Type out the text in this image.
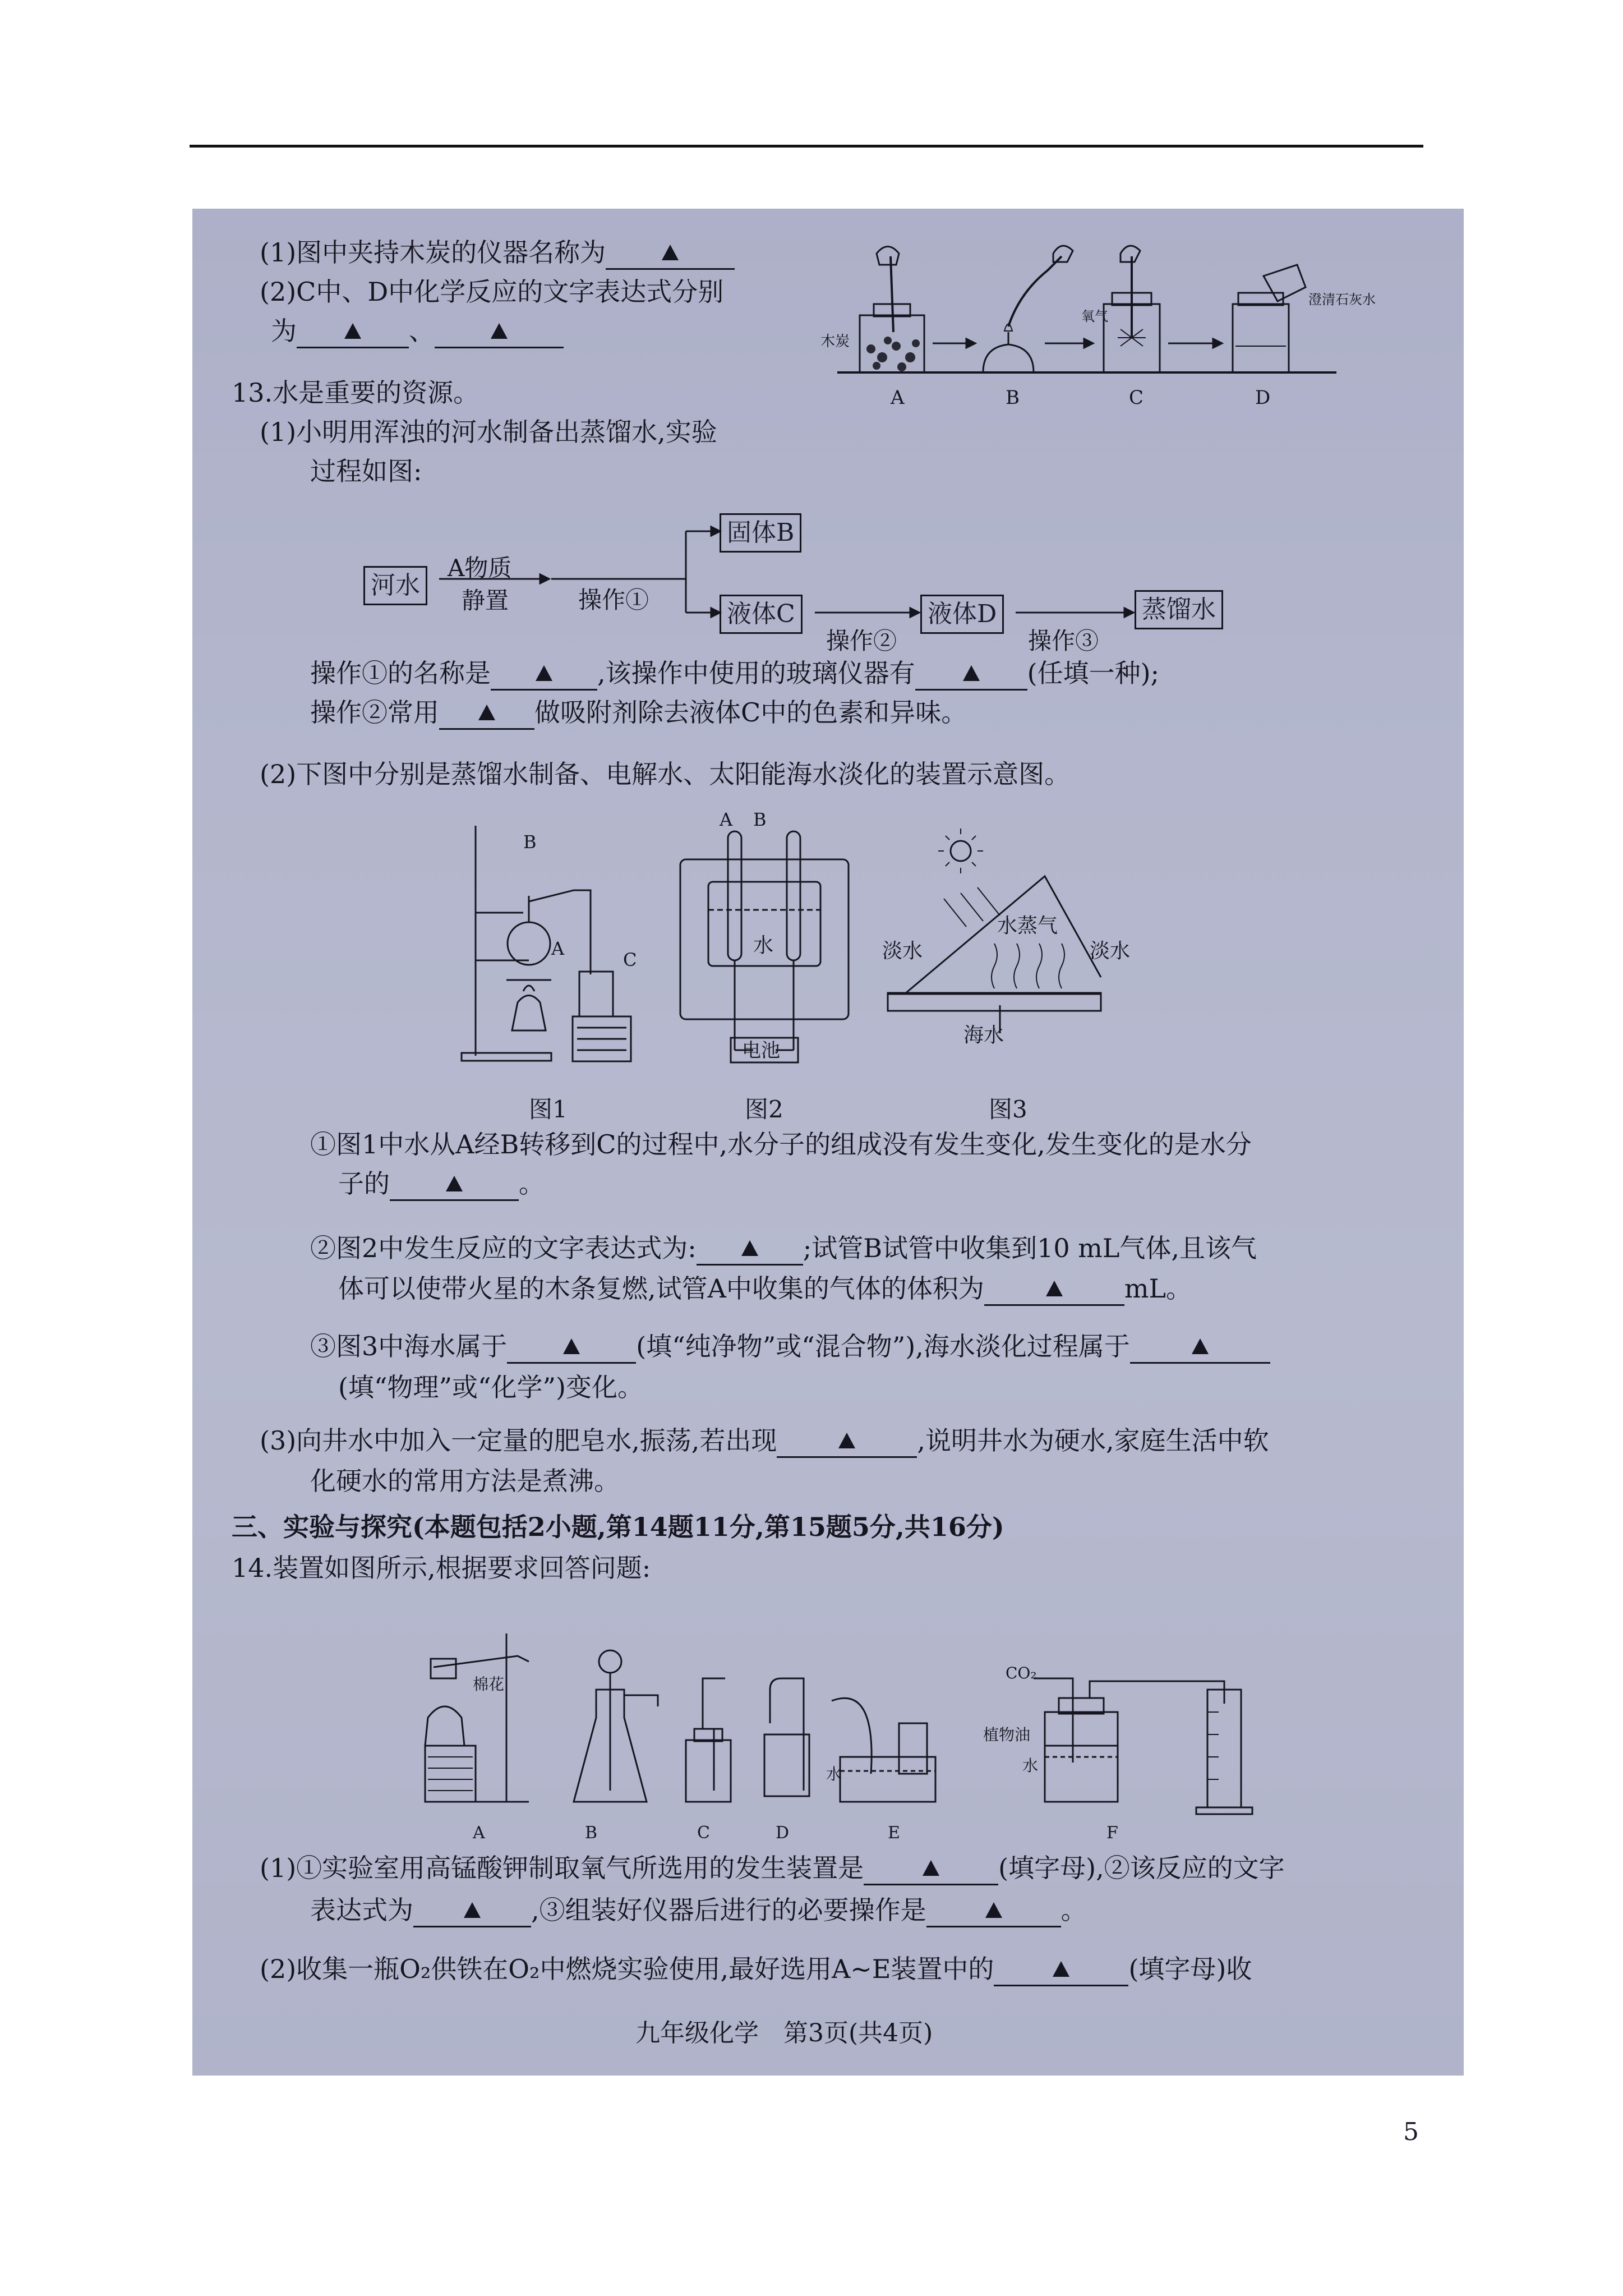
(1)图中夹持木炭的仪器名称为
(2)C中、D中化学反应的文字表达式分别
为	、	木炭
氧气
澄清石灰水
A	B	C	D
13.水是重要的资源。
(1)小明用浑浊的河水制备出蒸馏水,实验
过程如图:
河水
A物质
静置	操作①
固体B
液体C
操作②
液体D
操作③
蒸馏水
操作①的名称是	,该操作中使用的玻璃仪器有	(任填一种);
操作②常用	做吸附剂除去液体C中的色素和异味。
(2)下图中分别是蒸馏水制备、电解水、太阳能海水淡化的装置示意图。
B
A
C
A B
水
电池
淡水
水蒸气
淡水
海水
图1	图2	图3
①图1中水从A经B转移到C的过程中,水分子的组成没有发生变化,发生变化的是水分
子的	。
②图2中发生反应的文字表达式为:	;试管B试管中收集到10 mL气体,且该气
体可以使带火星的木条复燃,试管A中收集的气体的体积为	mL。
③图3中海水属于	(填“纯净物”或“混合物”),海水淡化过程属于
(填“物理”或“化学”)变化。
(3)向井水中加入一定量的肥皂水,振荡,若出现	,说明井水为硬水,家庭生活中软
化硬水的常用方法是煮沸。
三、实验与探究(本题包括2小题,第14题11分,第15题5分,共16分)
14.装置如图所示,根据要求回答问题:
棉花
CO₂
植物油
水
水
A	B	C	D	E	F
(1)①实验室用高锰酸钾制取氧气所选用的发生装置是	(填字母),②该反应的文字
表达式为	,③组装好仪器后进行的必要操作是	。
(2)收集一瓶O₂供铁在O₂中燃烧实验使用,最好选用A~E装置中的	(填字母)收
九年级化学　第3页(共4页)
5
